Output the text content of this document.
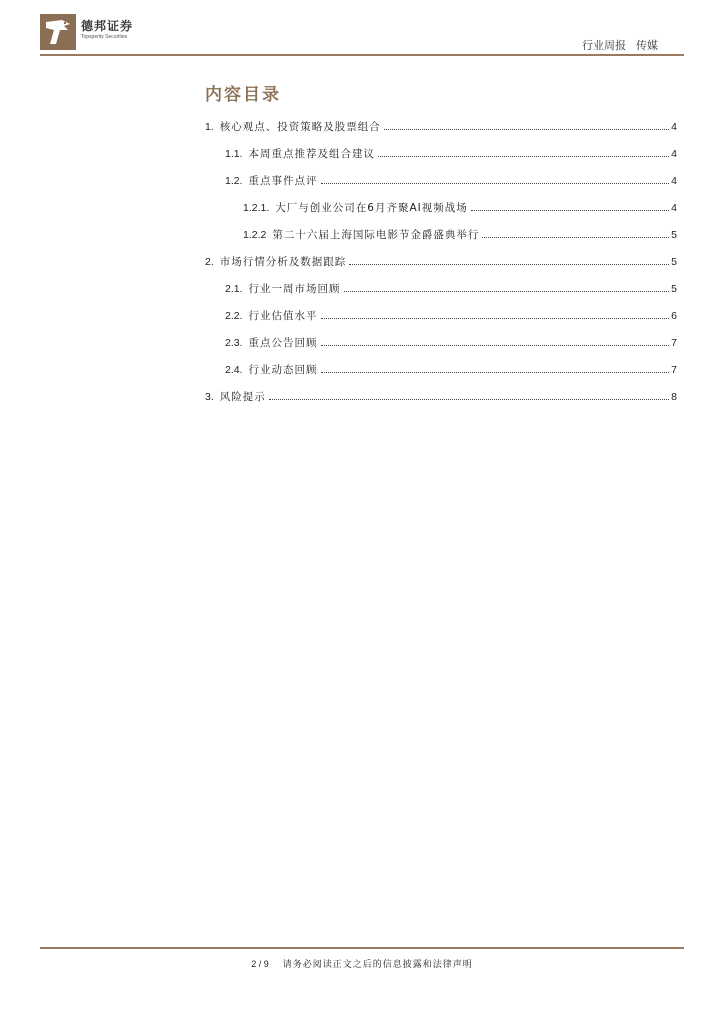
德邦证券
Topsperity Securities
行业周报 传媒
内容目录
1. 核心观点、投资策略及股票组合	4
1.1. 本周重点推荐及组合建议	4
1.2. 重点事件点评	4
1.2.1. 大厂与创业公司在6月齐聚AI视频战场	4
1.2.2 第二十六届上海国际电影节金爵盛典举行	5
2. 市场行情分析及数据跟踪	5
2.1. 行业一周市场回顾	5
2.2. 行业估值水平	6
2.3. 重点公告回顾	7
2.4. 行业动态回顾	7
3. 风险提示	8
2 / 9 请务必阅读正文之后的信息披露和法律声明
